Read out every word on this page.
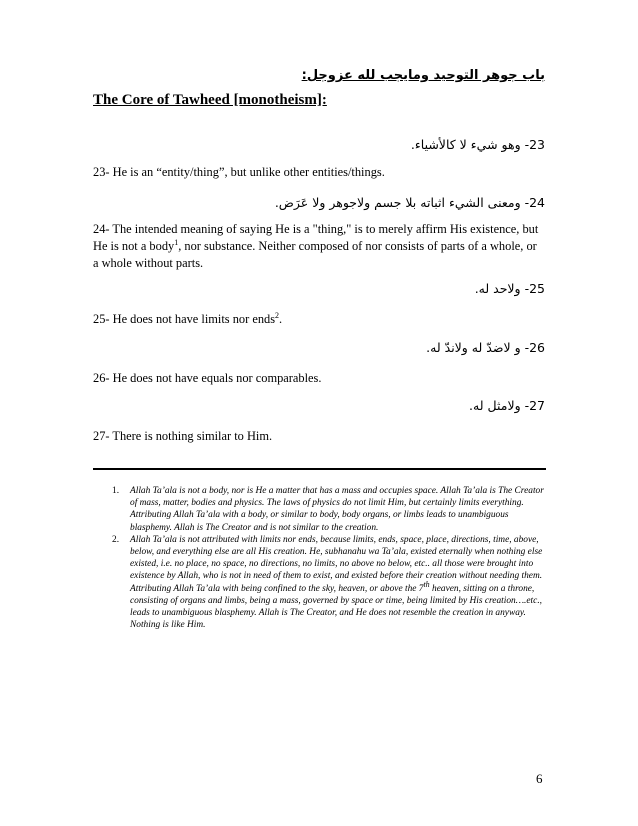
باب جوهر التوحيد ومايجب لله عزوجل:
The Core of Tawheed [monotheism]:
23- وهو شيء لا كالأشياء.
23- He is an “entity/thing”, but unlike other entities/things.
24- ومعنى الشيء اثباته بلا جسم ولاجوهر ولا عَرَض.
24- The intended meaning of saying He is a "thing," is to merely affirm His existence, but He is not a body$^1$, nor substance. Neither composed of nor consists of parts of a whole, or a whole without parts.
25- ولاحد له.
25- He does not have limits nor ends$^2$.
26- و لاضدّ له ولاندّ له.
26- He does not have equals nor comparables.
27- ولامثل له.
27- There is nothing similar to Him.
1.	Allah Ta’ala is not a body, nor is He a matter that has a mass and occupies space. Allah Ta’ala is The Creator of mass, matter, bodies and physics. The laws of physics do not limit Him, but certainly limits everything. Attributing Allah Ta’ala with a body, or similar to body, body organs, or limbs leads to unambiguous blasphemy. Allah is The Creator and is not similar to the creation.
2.	Allah Ta’ala is not attributed with limits nor ends, because limits, ends, space, place, directions, time, above, below, and everything else are all His creation. He, subhanahu wa Ta’ala, existed eternally when nothing else existed, i.e. no place, no space, no directions, no limits, no above no below, etc.. all those were brought into existence by Allah, who is not in need of them to exist, and existed before their creation without needing them. Attributing Allah Ta’ala with being confined to the sky, heaven, or above the 7th heaven, sitting on a throne, consisting of organs and limbs, being a mass, governed by space or time, being limited by His creation….etc., leads to unambiguous blasphemy. Allah is The Creator, and He does not resemble the creation in anyway. Nothing is like Him.
6
